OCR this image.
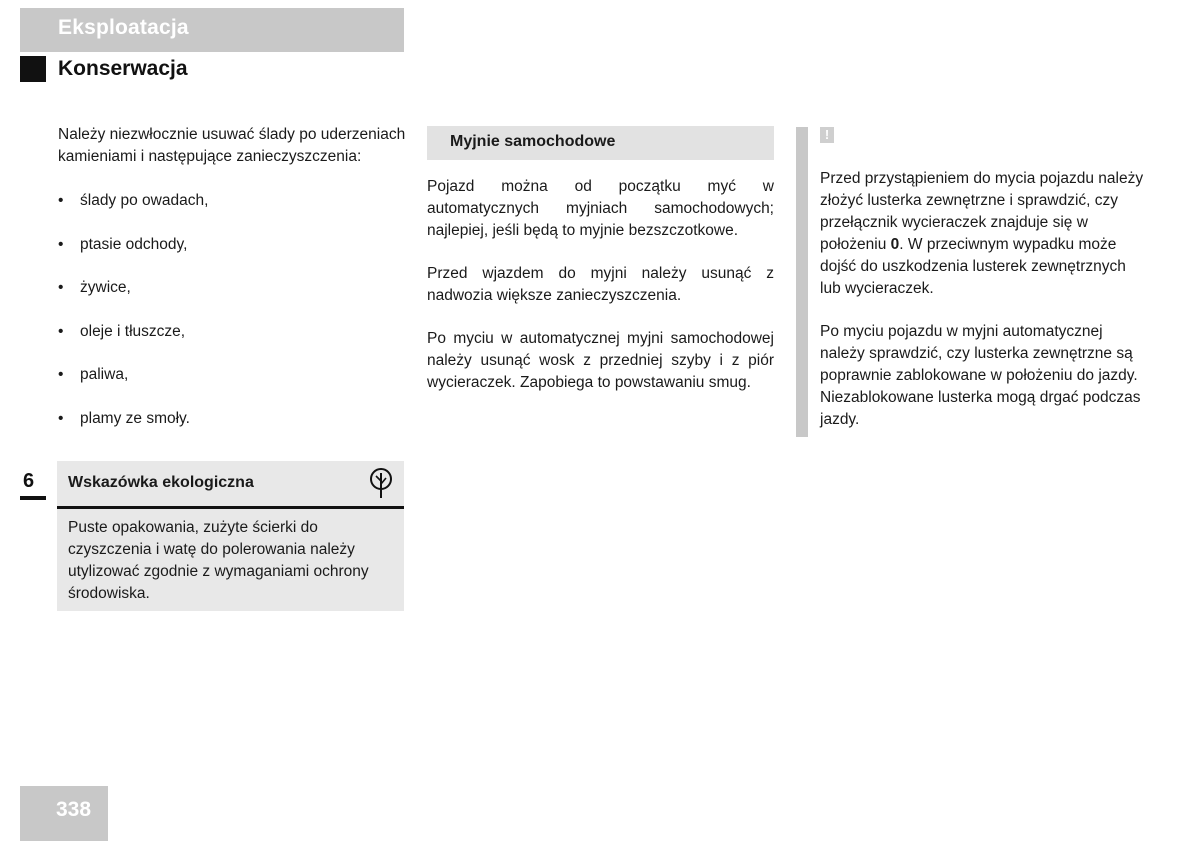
Eksploatacja
Konserwacja
Należy niezwłocznie usuwać ślady po uderzeniach kamieniami i następujące zanieczyszczenia:
•	ślady po owadach,
•	ptasie odchody,
•	żywice,
•	oleje i tłuszcze,
•	paliwa,
•	plamy ze smoły.
6	Wskazówka ekologiczna
Puste opakowania, zużyte ścierki do czyszczenia i watę do polerowania należy utylizować zgodnie z wymaganiami ochrony środowiska.
Myjnie samochodowe

Pojazd można od początku myć w automatycznych myjniach samochodowych; najlepiej, jeśli będą to myjnie bezszczotkowe.

Przed wjazdem do myjni należy usunąć z nadwozia większe zanieczyszczenia.

Po myciu w automatycznej myjni samochodowej należy usunąć wosk z przedniej szyby i z piór wycieraczek. Zapobiega to powstawaniu smug.

!

Przed przystąpieniem do mycia pojazdu należy złożyć lusterka zewnętrzne i sprawdzić, czy przełącznik wycieraczek znajduje się w położeniu 0. W przeciwnym wypadku może dojść do uszkodzenia lusterek zewnętrznych lub wycieraczek.

Po myciu pojazdu w myjni automatycznej należy sprawdzić, czy lusterka zewnętrzne są poprawnie zablokowane w położeniu do jazdy. Niezablokowane lusterka mogą drgać podczas jazdy.

338
